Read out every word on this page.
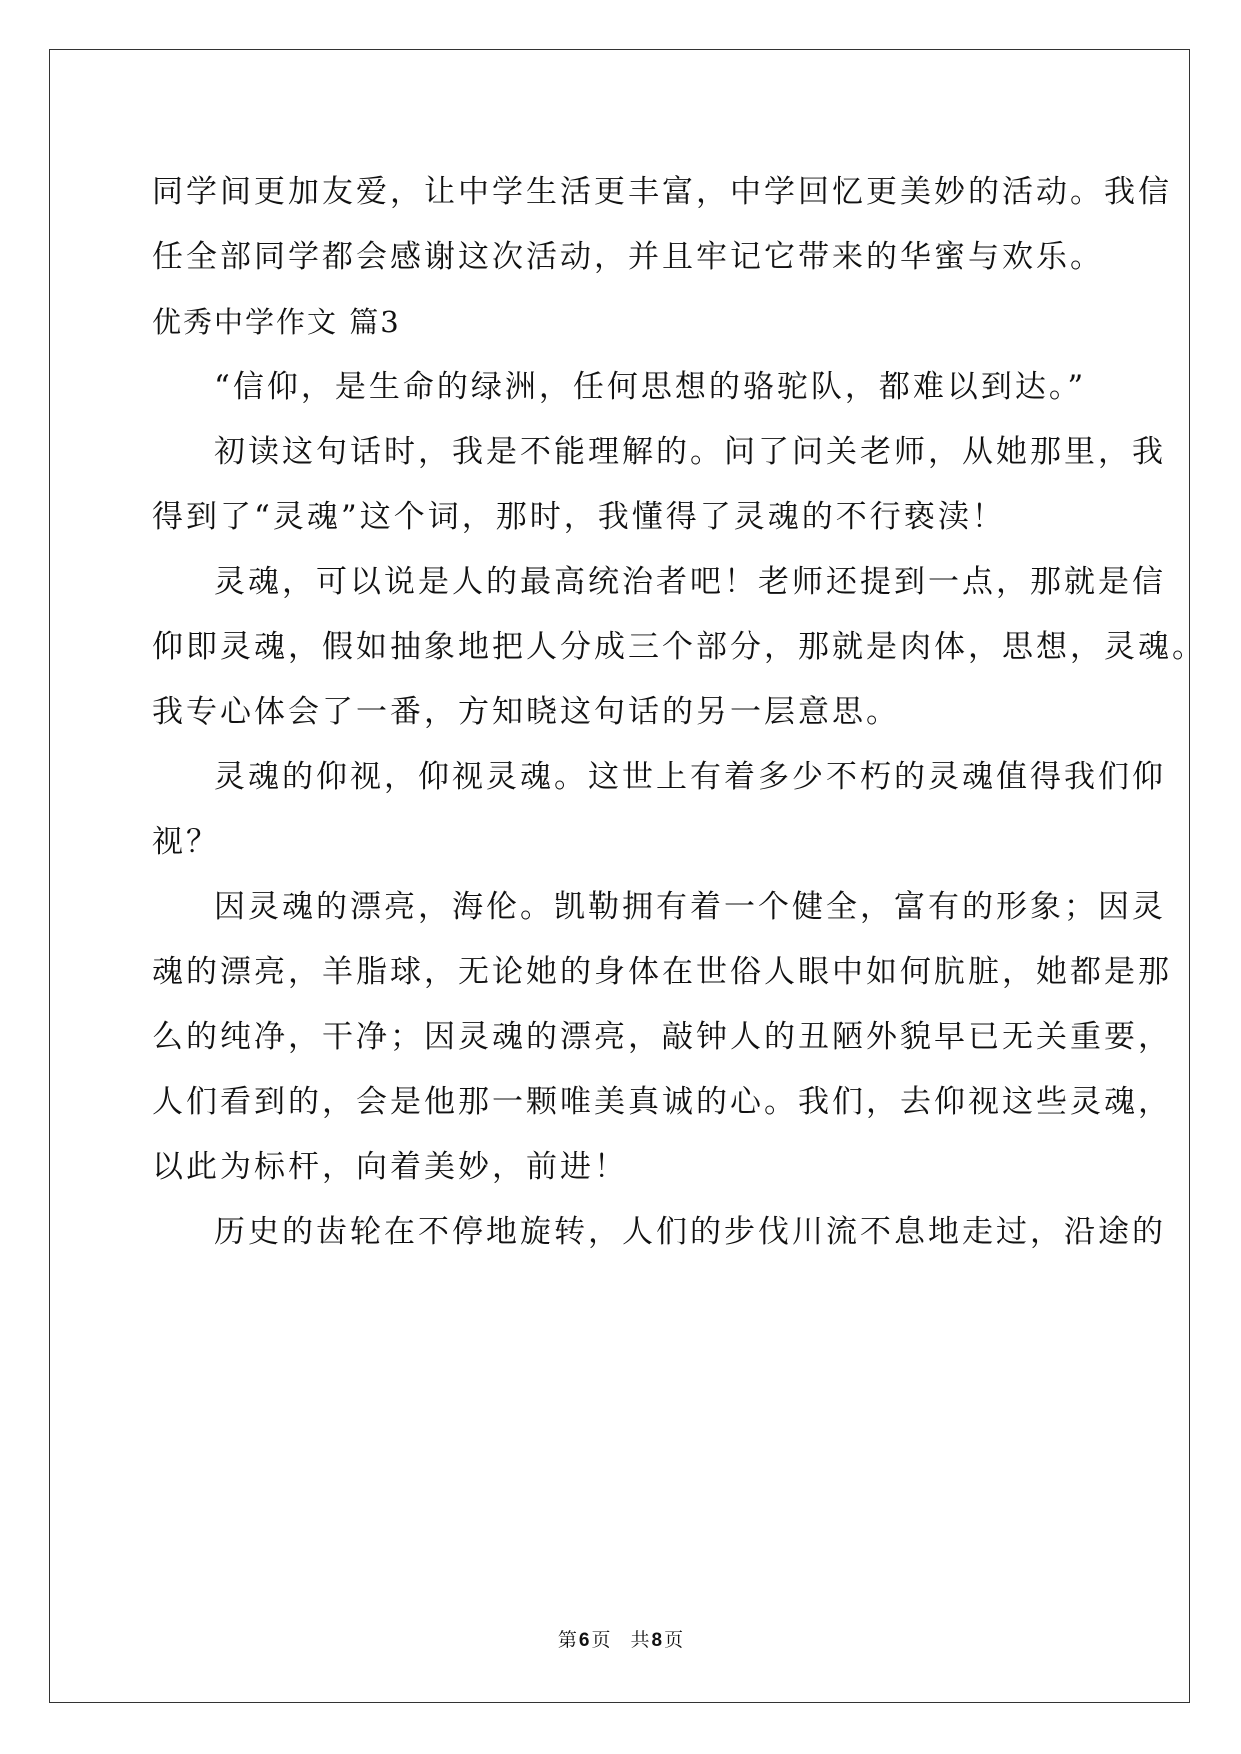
同学间更加友爱，让中学生活更丰富，中学回忆更美妙的活动。我信
任全部同学都会感谢这次活动，并且牢记它带来的华蜜与欢乐。
优秀中学作文 篇3
“信仰，是生命的绿洲，任何思想的骆驼队，都难以到达。”
初读这句话时，我是不能理解的。问了问关老师，从她那里，我
得到了“灵魂”这个词，那时，我懂得了灵魂的不行亵渎！
灵魂，可以说是人的最高统治者吧！老师还提到一点，那就是信
仰即灵魂，假如抽象地把人分成三个部分，那就是肉体，思想，灵魂。
我专心体会了一番，方知晓这句话的另一层意思。
灵魂的仰视，仰视灵魂。这世上有着多少不朽的灵魂值得我们仰
视？
因灵魂的漂亮，海伦。凯勒拥有着一个健全，富有的形象；因灵
魂的漂亮，羊脂球，无论她的身体在世俗人眼中如何肮脏，她都是那
么的纯净，干净；因灵魂的漂亮，敲钟人的丑陋外貌早已无关重要，
人们看到的，会是他那一颗唯美真诚的心。我们，去仰视这些灵魂，
以此为标杆，向着美妙，前进！
历史的齿轮在不停地旋转，人们的步伐川流不息地走过，沿途的
第 6 页 共 8 页
